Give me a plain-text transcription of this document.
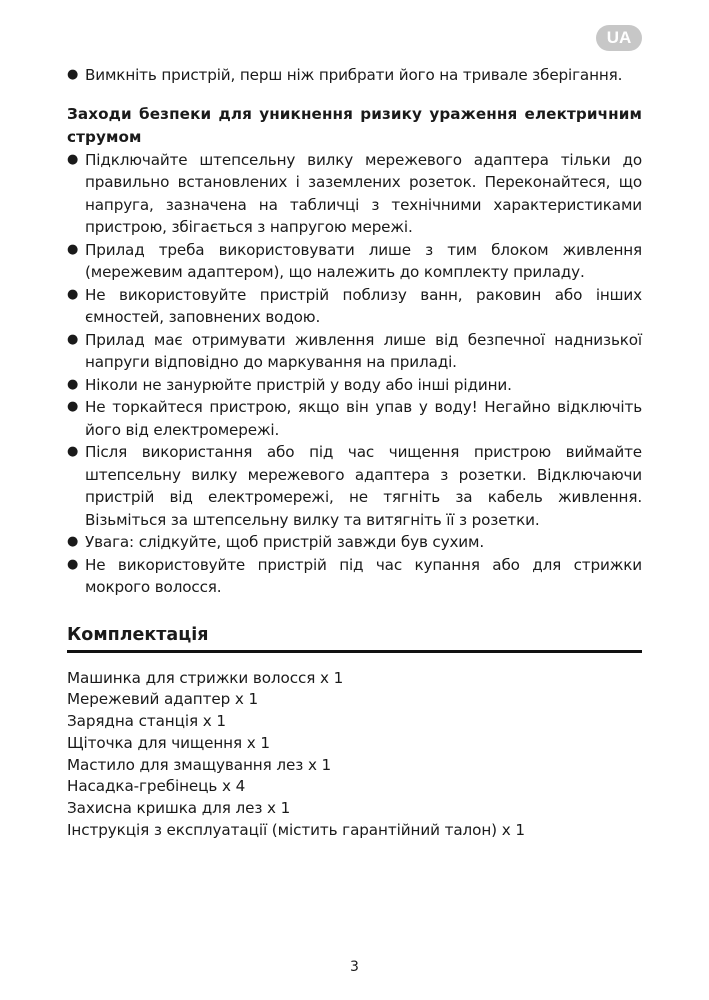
UA
● Вимкніть пристрій, перш ніж прибрати його на тривале зберігання.
Заходи безпеки для уникнення ризику ураження електричним струмом
● Підключайте штепсельну вилку мережевого адаптера тільки до правильно встановлених і заземлених розеток. Переконайтеся, що напруга, зазначена на табличці з технічними характеристиками пристрою, збігається з напругою мережі.
● Прилад треба використовувати лише з тим блоком живлення (мережевим адаптером), що належить до комплекту приладу.
● Не використовуйте пристрій поблизу ванн, раковин або інших ємностей, заповнених водою.
● Прилад має отримувати живлення лише від безпечної наднизької напруги відповідно до маркування на приладі.
● Ніколи не занурюйте пристрій у воду або інші рідини.
● Не торкайтеся пристрою, якщо він упав у воду! Негайно відключіть його від електромережі.
● Після використання або під час чищення пристрою виймайте штепсельну вилку мережевого адаптера з розетки. Відключаючи пристрій від електромережі, не тягніть за кабель живлення. Візьміться за штепсельну вилку та витягніть її з розетки.
● Увага: слідкуйте, щоб пристрій завжди був сухим.
● Не використовуйте пристрій під час купання або для стрижки мокрого волосся.
Комплектація
Машинка для стрижки волосся x 1
Мережевий адаптер x 1
Зарядна станція x 1
Щіточка для чищення x 1
Мастило для змащування лез x 1
Насадка-гребінець x 4
Захисна кришка для лез x 1
Інструкція з експлуатації (містить гарантійний талон) x 1
3
